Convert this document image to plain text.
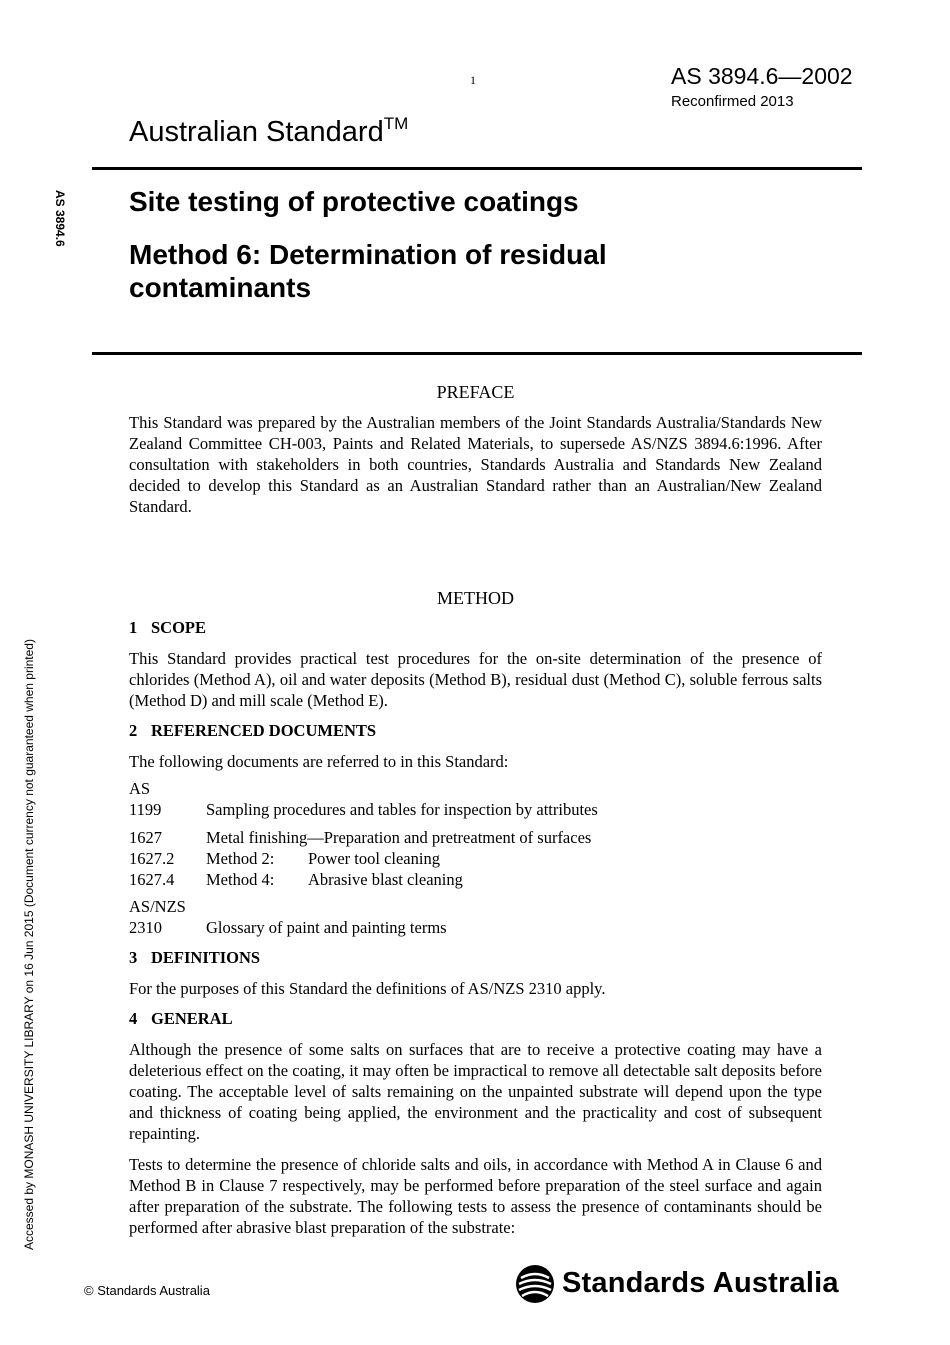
1	AS 3894.6—2002
Reconfirmed 2013
Australian Standard™
AS 3894.6
Accessed by MONASH UNIVERSITY LIBRARY on 16 Jun 2015 (Document currency not guaranteed when printed)
Site testing of protective coatings
Method 6: Determination of residual contaminants

PREFACE

This Standard was prepared by the Australian members of the Joint Standards Australia/Standards New Zealand Committee CH-003, Paints and Related Materials, to supersede AS/NZS 3894.6:1996. After consultation with stakeholders in both countries, Standards Australia and Standards New Zealand decided to develop this Standard as an Australian Standard rather than an Australian/New Zealand Standard.

METHOD

1 SCOPE

This Standard provides practical test procedures for the on-site determination of the presence of chlorides (Method A), oil and water deposits (Method B), residual dust (Method C), soluble ferrous salts (Method D) and mill scale (Method E).

2 REFERENCED DOCUMENTS

The following documents are referred to in this Standard:

AS
1199	Sampling procedures and tables for inspection by attributes
1627	Metal finishing—Preparation and pretreatment of surfaces
1627.2	Method 2:	Power tool cleaning
1627.4	Method 4:	Abrasive blast cleaning
AS/NZS
2310	Glossary of paint and painting terms

3 DEFINITIONS

For the purposes of this Standard the definitions of AS/NZS 2310 apply.

4 GENERAL

Although the presence of some salts on surfaces that are to receive a protective coating may have a deleterious effect on the coating, it may often be impractical to remove all detectable salt deposits before coating. The acceptable level of salts remaining on the unpainted substrate will depend upon the type and thickness of coating being applied, the environment and the practicality and cost of subsequent repainting.

Tests to determine the presence of chloride salts and oils, in accordance with Method A in Clause 6 and Method B in Clause 7 respectively, may be performed before preparation of the steel surface and again after preparation of the substrate. The following tests to assess the presence of contaminants should be performed after abrasive blast preparation of the substrate:

© Standards Australia	Standards Australia
